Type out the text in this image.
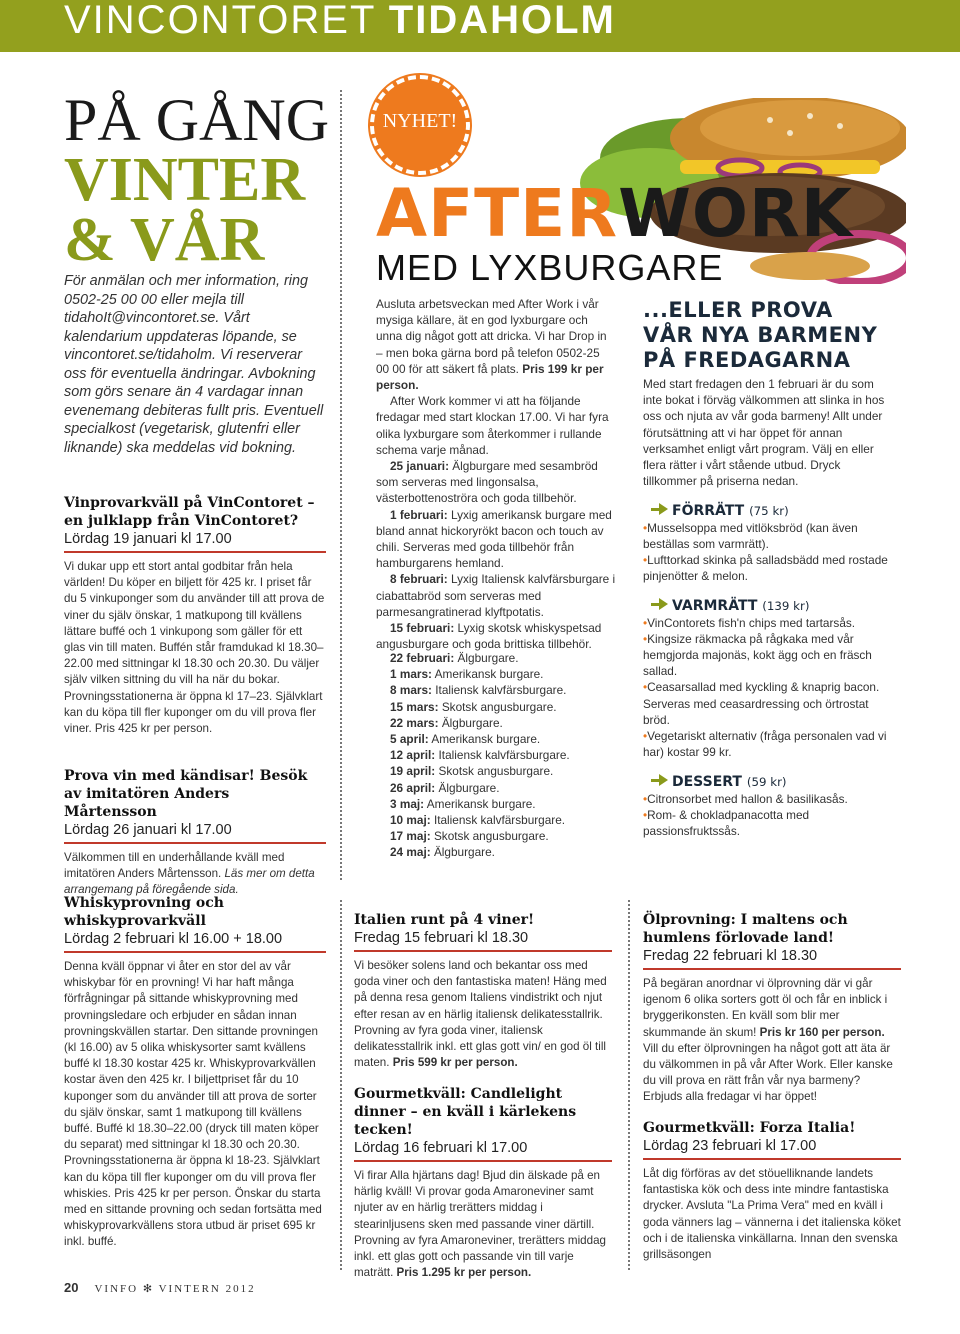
VINCONTORET TIDAHOLM
PÅ GÅNG
VINTER
& VÅR
För anmälan och mer information, ring 0502-25 00 00 eller mejla till tidahoIt@vincontoret.se. Vårt kalendarium uppdateras löpande, se vincontoret.se/tidaholm. Vi reserverar oss för eventuella ändringar. Avbokning som görs senare än 4 vardagar innan evenemang debiteras fullt pris. Eventuell specialkost (vegetarisk, glutenfri eller liknande) ska meddelas vid bokning.
Vinprovarkväll på VinContoret – en julklapp från VinContoret?
Lördag 19 januari kl 17.00
Vi dukar upp ett stort antal godbitar från hela världen! Du köper en biljett för 425 kr. I priset får du 5 vinkuponger som du använder till att prova de viner du själv önskar, 1 matkupong till kvällens lättare buffé och 1 vinkupong som gäller för ett glas vin till maten. Buffén står framdukad kl 18.30–22.00 med sittningar kl 18.30 och 20.30. Du väljer själv vilken sittning du vill ha när du bokar. Provningsstationerna är öppna kl 17–23. Självklart kan du köpa till fler kuponger om du vill prova fler viner. Pris 425 kr per person.
Prova vin med kändisar! Besök av imitatören Anders Mårtensson
Lördag 26 januari kl 17.00
Välkommen till en underhållande kväll med imitatören Anders Mårtensson. Läs mer om detta arrangemang på föregående sida.
Whiskyprovning och whiskyprovarkväll
Lördag 2 februari kl 16.00 + 18.00
Denna kväll öppnar vi åter en stor del av vår whiskybar för en provning! Vi har haft många förfrågningar på sittande whiskyprovning med provningsledare och erbjuder en sådan innan provningskvällen startar. Den sittande provningen (kl 16.00) av 5 olika whiskysorter samt kvällens buffé kl 18.30 kostar 425 kr. Whiskyprovarkvällen kostar även den 425 kr. I biljettpriset får du 10 kuponger som du använder till att prova de sorter du själv önskar, samt 1 matkupong till kvällens buffé. Buffé kl 18.30–22.00 (dryck till maten köper du separat) med sittningar kl 18.30 och 20.30. Provningsstationerna är öppna kl 18-23. Självklart kan du köpa till fler kuponger om du vill prova fler whiskies. Pris 425 kr per person. Önskar du starta med en sittande provning och sedan fortsätta med whiskyprovarkvällens stora utbud är priset 695 kr inkl. buffé.
NYHET!
AFTERWORK
MED LYXBURGARE

Ausluta arbetsveckan med After Work i vår mysiga källare, ät en god lyxburgare och unna dig något gott att dricka. Vi har Drop in – men boka gärna bord på telefon 0502-25 00 00 för att säkert få plats. Pris 199 kr per person.

After Work kommer vi att ha följande fredagar med start klockan 17.00. Vi har fyra olika lyxburgare som återkommer i rullande schema varje månad.

25 januari: Älgburgare med sesambröd som serveras med lingonsalsa, västerbottenoströra och goda tillbehör.

1 februari: Lyxig amerikansk burgare med bland annat hickoryrökt bacon och touch av chili. Serveras med goda tillbehör från hamburgarens hemland.

8 februari: Lyxig Italiensk kalvfärsburgare i ciabattabröd som serveras med parmesangratinerad klyftpotatis.

15 februari: Lyxig skotsk whiskyspetsad angusburgare och goda brittiska tillbehör.

22 februari: Älgburgare.
1 mars: Amerikansk burgare.
8 mars: Italiensk kalvfärsburgare.
15 mars: Skotsk angusburgare.
22 mars: Älgburgare.
5 april: Amerikansk burgare.
12 april: Italiensk kalvfärsburgare.
19 april: Skotsk angusburgare.
26 april: Älgburgare.
3 maj: Amerikansk burgare.
10 maj: Italiensk kalvfärsburgare.
17 maj: Skotsk angusburgare.
24 maj: Älgburgare.
...ELLER PROVA
VÅR NYA BARMENY
PÅ FREDAGARNA
Med start fredagen den 1 februari är du som inte bokat i förväg välkommen att slinka in hos oss och njuta av vår goda barmeny! Allt under förutsättning att vi har öppet för annan verksamhet enligt vårt program. Välj en eller flera rätter i vårt stående utbud. Dryck tillkommer på priserna nedan.
FÖRRÄTT (75 kr)
•Musselsoppa med vitlöksbröd (kan även beställas som varmrätt).
•Lufttorkad skinka på salladsbädd med rostade pinjenötter & melon.
VARMRÄTT (139 kr)
•VinContorets fish'n chips med tartarsås.
•Kingsize räkmacka på rågkaka med vår hemgjorda majonäs, kokt ägg och en fräsch sallad.
•Ceasarsallad med kyckling & knaprig bacon. Serveras med ceasardressing och örtrostat bröd.
•Vegetariskt alternativ (fråga personalen vad vi har) kostar 99 kr.
DESSERT (59 kr)
•Citronsorbet med hallon & basilikasås.
•Rom- & chokladpanacotta med passionsfruktssås.
Italien runt på 4 viner!
Fredag 15 februari kl 18.30
Vi besöker solens land och bekantar oss med goda viner och den fantastiska maten! Häng med på denna resa genom Italiens vindistrikt och njut efter resan av en härlig italiensk delikatesstallrik. Provning av fyra goda viner, italiensk delikatesstallrik inkl. ett glas gott vin/ en god öl till maten. Pris 599 kr per person.
Gourmetkväll: Candlelight dinner – en kväll i kärlekens tecken!
Lördag 16 februari kl 17.00
Vi firar Alla hjärtans dag! Bjud din älskade på en härlig kväll! Vi provar goda Amaroneviner samt njuter av en härlig trerätters middag i stearinljusens sken med passande viner därtill. Provning av fyra Amaroneviner, trerätters middag inkl. ett glas gott och passande vin till varje maträtt. Pris 1.295 kr per person.
Ölprovning: I maltens och humlens förlovade land!
Fredag 22 februari kl 18.30
På begäran anordnar vi ölprovning där vi går igenom 6 olika sorters gott öl och får en inblick i bryggerikonsten. En kväll som blir mer skummande än skum! Pris kr 160 per person. Vill du efter ölprovningen ha något gott att äta är du välkommen in på vår After Work. Eller kanske du vill prova en rätt från vår nya barmeny? Erbjuds alla fredagar vi har öppet!
Gourmetkväll: Forza Italia!
Lördag 23 februari kl 17.00
Låt dig förföras av det stöuelliknande landets fantastiska kök och dess inte mindre fantastiska drycker. Avsluta "La Prima Vera" med en kväll i goda vänners lag – vännerna i det italienska köket och i de italienska vinkällarna. Innan den svenska grillsäsongen
20 VINFO ✻ VINTERN 2012
